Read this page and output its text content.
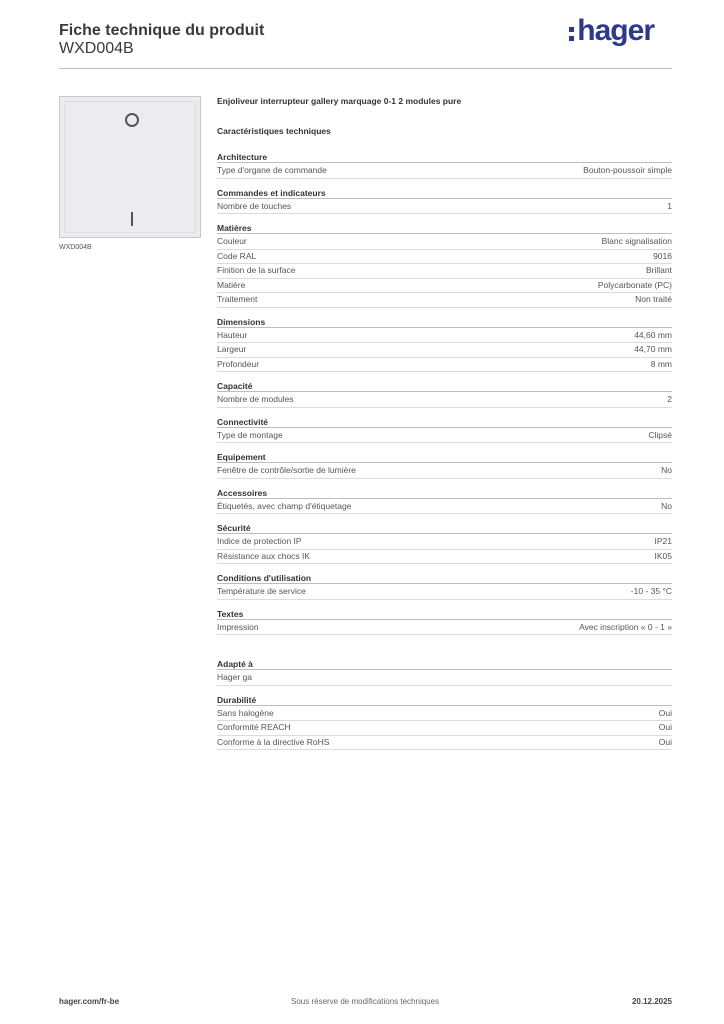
Fiche technique du produit
WXD004B
hager
WXD004B
Enjoliveur interrupteur gallery marquage 0-1 2 modules pure
Caractéristiques techniques
Architecture
Type d'organe de commande	Bouton-poussoir simple
Commandes et indicateurs
Nombre de touches	1
Matières
Couleur	Blanc signalisation
Code RAL	9016
Finition de la surface	Brillant
Matière	Polycarbonate (PC)
Traitement	Non traité
Dimensions
Hauteur	44,60 mm
Largeur	44,70 mm
Profondeur	8 mm
Capacité
Nombre de modules	2
Connectivité
Type de montage	Clipsé
Equipement
Fenêtre de contrôle/sortie de lumière	No
Accessoires
Étiquetés, avec champ d'étiquetage	No
Sécurité
Indice de protection IP	IP21
Résistance aux chocs IK	IK05
Conditions d'utilisation
Température de service	-10 - 35 °C
Textes
Impression	Avec inscription « 0 - 1 »
Adapté à
Hager ga
Durabilité
Sans halogène	Oui
Conformité REACH	Oui
Conforme à la directive RoHS	Oui
hager.com/fr-be	Sous réserve de modifications techniques	20.12.2025
